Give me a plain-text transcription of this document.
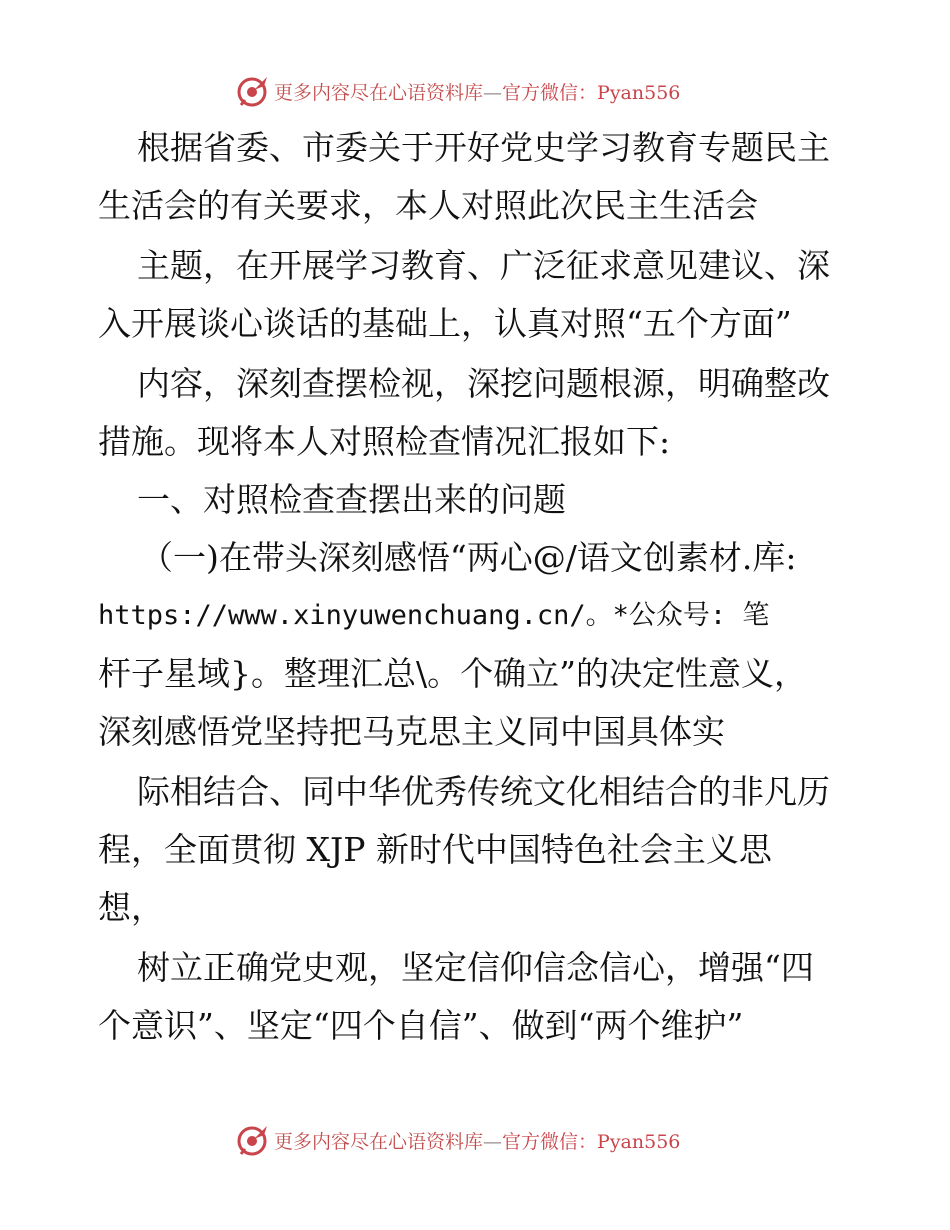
更多内容尽在心语资料库—官方微信：Pyan556
根据省委、市委关于开好党史学习教育专题民主
生活会的有关要求，本人对照此次民主生活会
主题，在开展学习教育、广泛征求意见建议、深
入开展谈心谈话的基础上，认真对照“五个方面”
内容，深刻查摆检视，深挖问题根源，明确整改
措施。现将本人对照检查情况汇报如下:
一、对照检查查摆出来的问题
（一)在带头深刻感悟“两心@/语文创素材.库:
https://www.xinyuwenchuang.cn/。*公众号: 笔
杆子星域}。整理汇总\。个确立”的决定性意义，
深刻感悟党坚持把马克思主义同中国具体实
际相结合、同中华优秀传统文化相结合的非凡历
程，全面贯彻 XJP 新时代中国特色社会主义思
想，
树立正确党史观，坚定信仰信念信心，增强“四
个意识”、坚定“四个自信”、做到“两个维护”
更多内容尽在心语资料库—官方微信：Pyan556
